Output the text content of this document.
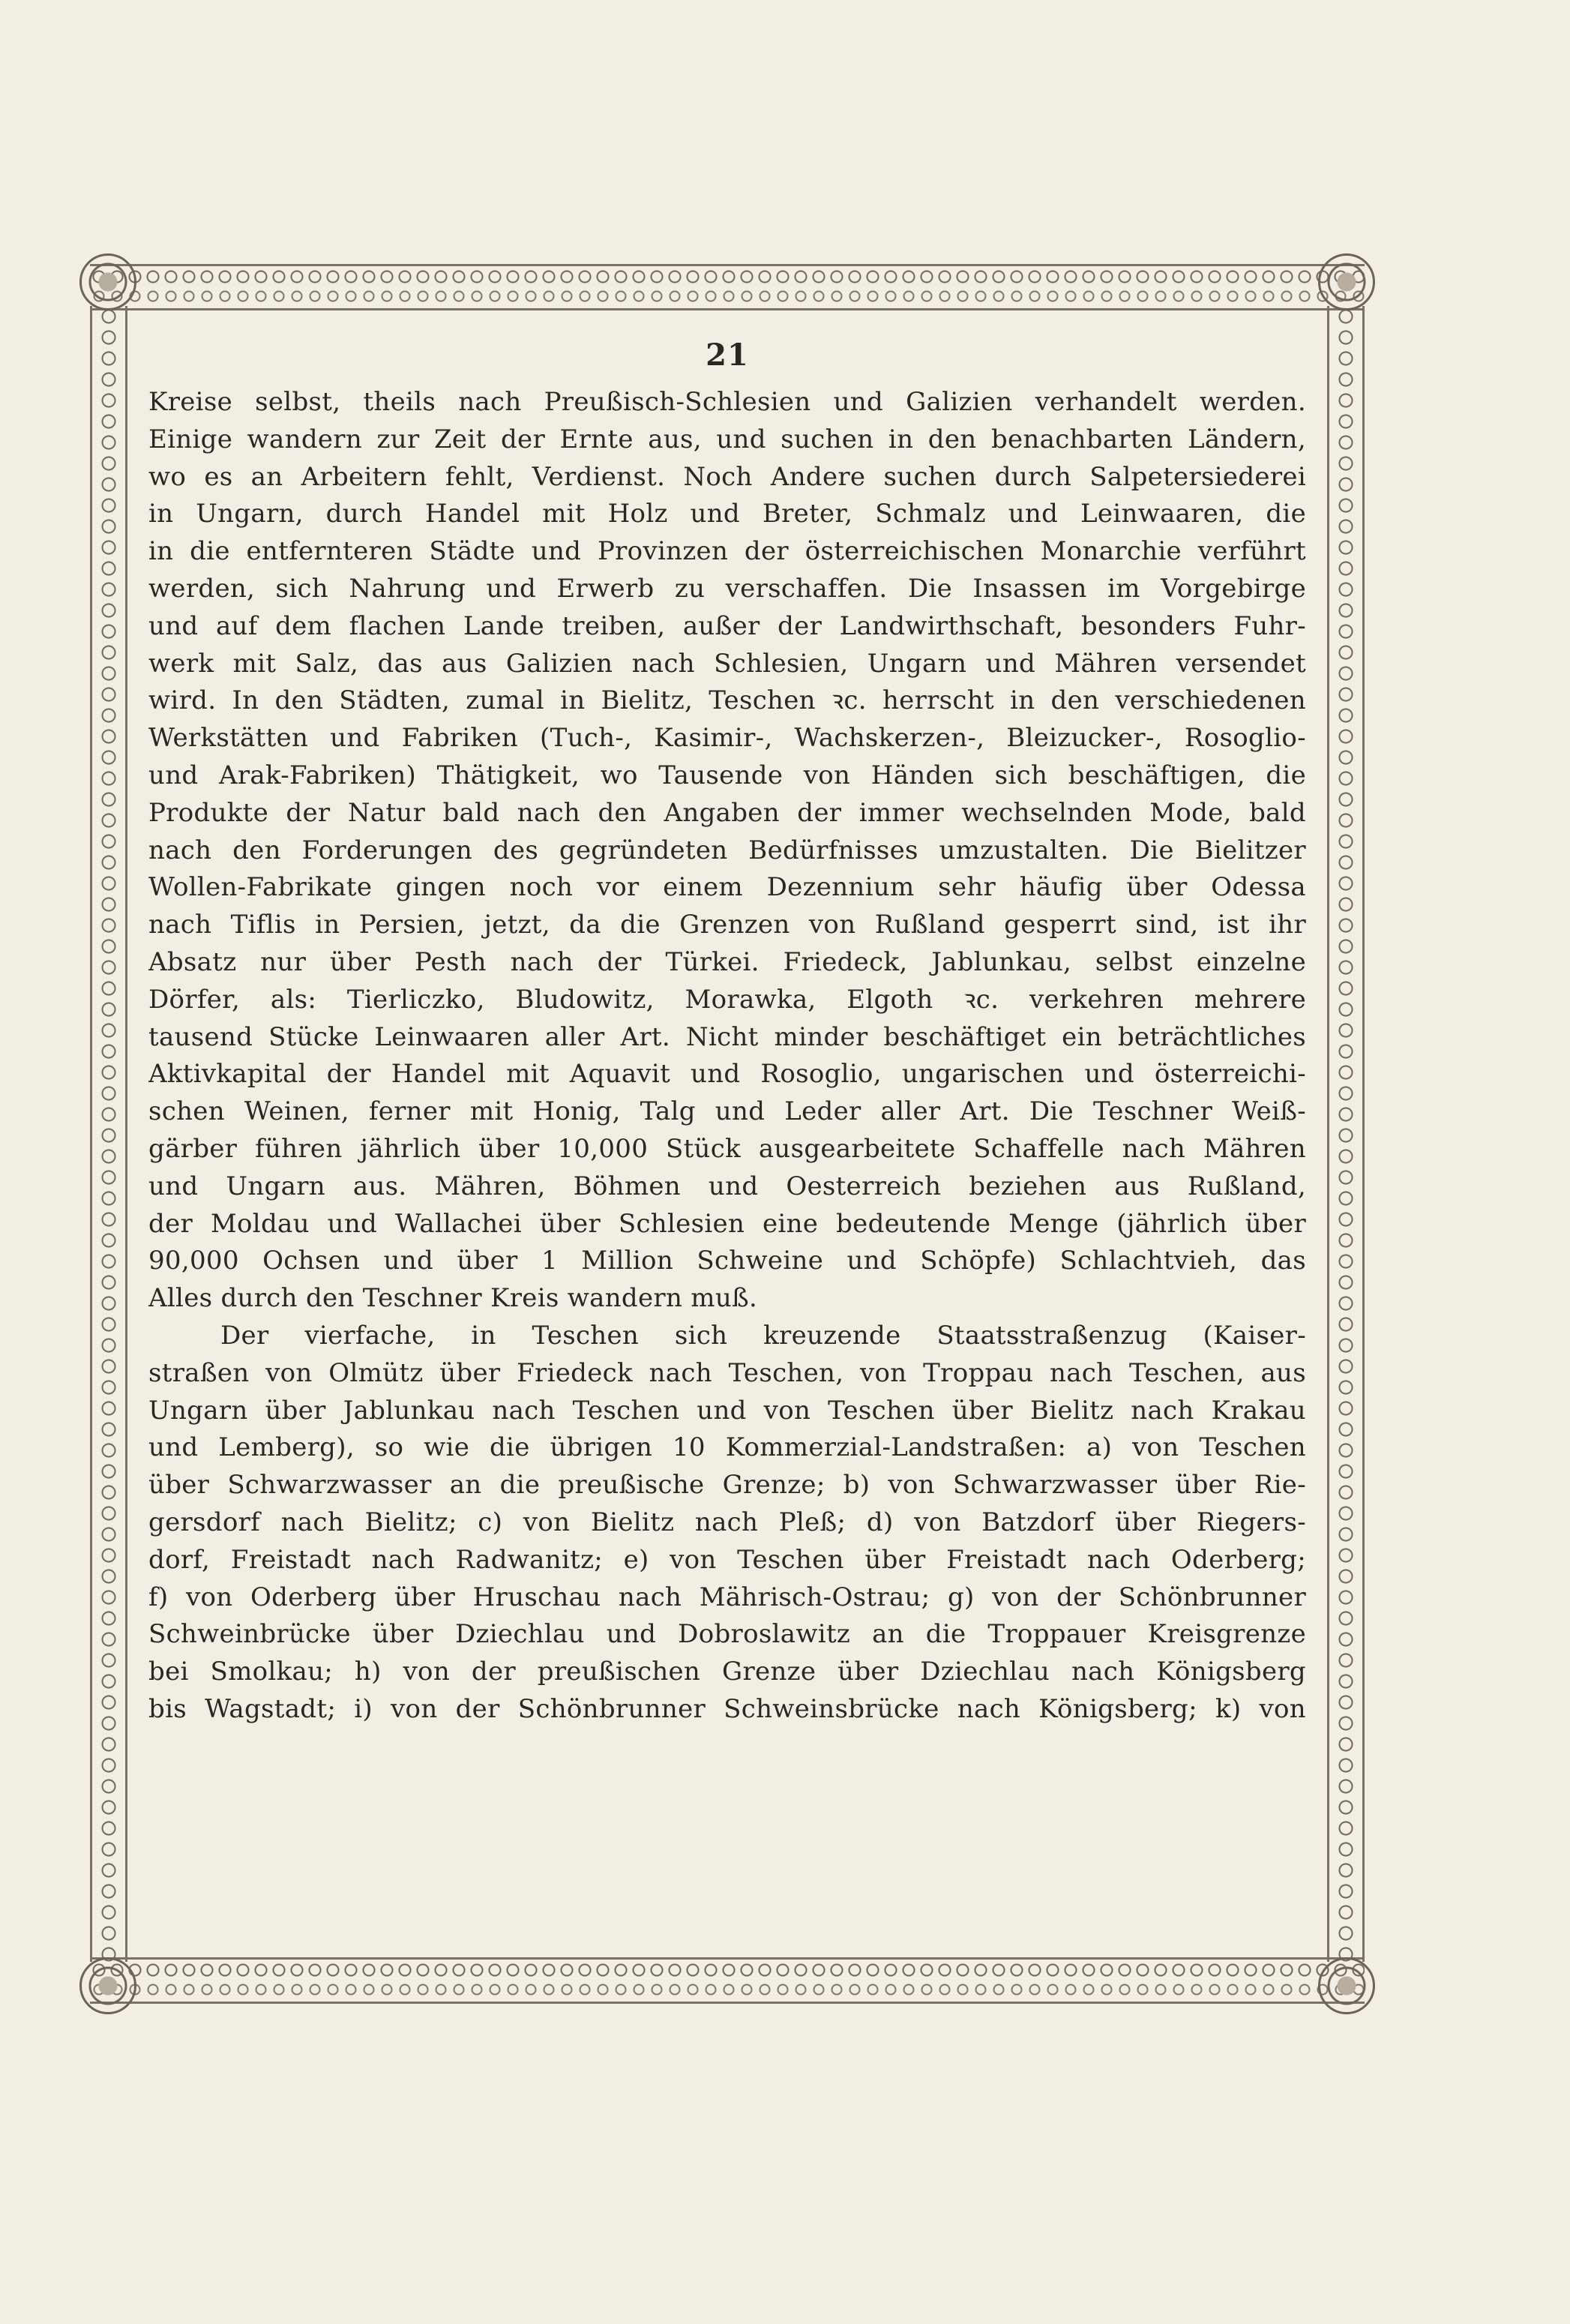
21
Kreise selbst, theils nach Preußisch-Schlesien und Galizien verhandelt werden.
Einige wandern zur Zeit der Ernte aus, und suchen in den benachbarten Ländern,
wo es an Arbeitern fehlt, Verdienst. Noch Andere suchen durch Salpetersiederei
in Ungarn, durch Handel mit Holz und Breter, Schmalz und Leinwaaren, die
in die entfernteren Städte und Provinzen der österreichischen Monarchie verführt
werden, sich Nahrung und Erwerb zu verschaffen. Die Insassen im Vorgebirge
und auf dem flachen Lande treiben, außer der Landwirthschaft, besonders Fuhr-
werk mit Salz, das aus Galizien nach Schlesien, Ungarn und Mähren versendet
wird. In den Städten, zumal in Bielitz, Teschen ꝛc. herrscht in den verschiedenen
Werkstätten und Fabriken (Tuch-, Kasimir-, Wachskerzen-, Bleizucker-, Rosoglio-
und Arak-Fabriken) Thätigkeit, wo Tausende von Händen sich beschäftigen, die
Produkte der Natur bald nach den Angaben der immer wechselnden Mode, bald
nach den Forderungen des gegründeten Bedürfnisses umzustalten. Die Bielitzer
Wollen-Fabrikate gingen noch vor einem Dezennium sehr häufig über Odessa
nach Tiflis in Persien, jetzt, da die Grenzen von Rußland gesperrt sind, ist ihr
Absatz nur über Pesth nach der Türkei. Friedeck, Jablunkau, selbst einzelne
Dörfer, als: Tierliczko, Bludowitz, Morawka, Elgoth ꝛc. verkehren mehrere
tausend Stücke Leinwaaren aller Art. Nicht minder beschäftiget ein beträchtliches
Aktivkapital der Handel mit Aquavit und Rosoglio, ungarischen und österreichi-
schen Weinen, ferner mit Honig, Talg und Leder aller Art. Die Teschner Weiß-
gärber führen jährlich über 10,000 Stück ausgearbeitete Schaffelle nach Mähren
und Ungarn aus. Mähren, Böhmen und Oesterreich beziehen aus Rußland,
der Moldau und Wallachei über Schlesien eine bedeutende Menge (jährlich über
90,000 Ochsen und über 1 Million Schweine und Schöpfe) Schlachtvieh, das
Alles durch den Teschner Kreis wandern muß.
Der vierfache, in Teschen sich kreuzende Staatsstraßenzug (Kaiser-
straßen von Olmütz über Friedeck nach Teschen, von Troppau nach Teschen, aus
Ungarn über Jablunkau nach Teschen und von Teschen über Bielitz nach Krakau
und Lemberg), so wie die übrigen 10 Kommerzial-Landstraßen: a) von Teschen
über Schwarzwasser an die preußische Grenze; b) von Schwarzwasser über Rie-
gersdorf nach Bielitz; c) von Bielitz nach Pleß; d) von Batzdorf über Riegers-
dorf, Freistadt nach Radwanitz; e) von Teschen über Freistadt nach Oderberg;
f) von Oderberg über Hruschau nach Mährisch-Ostrau; g) von der Schönbrunner
Schweinbrücke über Dziechlau und Dobroslawitz an die Troppauer Kreisgrenze
bei Smolkau; h) von der preußischen Grenze über Dziechlau nach Königsberg
bis Wagstadt; i) von der Schönbrunner Schweinsbrücke nach Königsberg; k) von
